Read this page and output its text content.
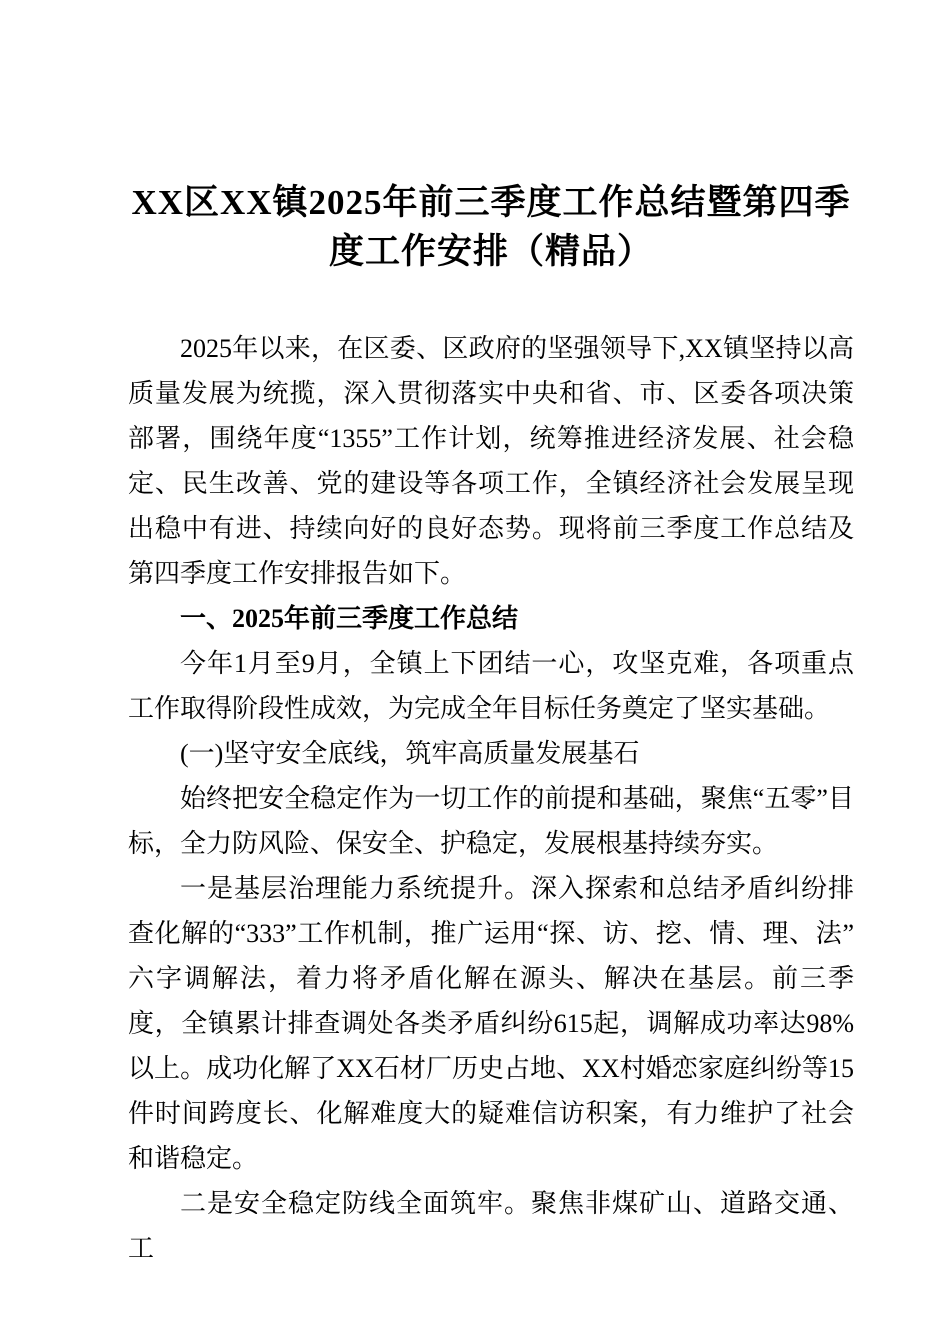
XX区XX镇2025年前三季度工作总结暨第四季度工作安排（精品）

2025年以来，在区委、区政府的坚强领导下,XX镇坚持以高质量发展为统揽，深入贯彻落实中央和省、市、区委各项决策部署，围绕年度“1355”工作计划，统筹推进经济发展、社会稳定、民生改善、党的建设等各项工作，全镇经济社会发展呈现出稳中有进、持续向好的良好态势。现将前三季度工作总结及第四季度工作安排报告如下。

一、2025年前三季度工作总结

今年1月至9月，全镇上下团结一心，攻坚克难，各项重点工作取得阶段性成效，为完成全年目标任务奠定了坚实基础。

(一)坚守安全底线，筑牢高质量发展基石

始终把安全稳定作为一切工作的前提和基础，聚焦“五零”目标，全力防风险、保安全、护稳定，发展根基持续夯实。

一是基层治理能力系统提升。深入探索和总结矛盾纠纷排查化解的“333”工作机制，推广运用“探、访、挖、情、理、法”六字调解法，着力将矛盾化解在源头、解决在基层。前三季度，全镇累计排查调处各类矛盾纠纷615起，调解成功率达98%以上。成功化解了XX石材厂历史占地、XX村婚恋家庭纠纷等15件时间跨度长、化解难度大的疑难信访积案，有力维护了社会和谐稳定。

二是安全稳定防线全面筑牢。聚焦非煤矿山、道路交通、工
